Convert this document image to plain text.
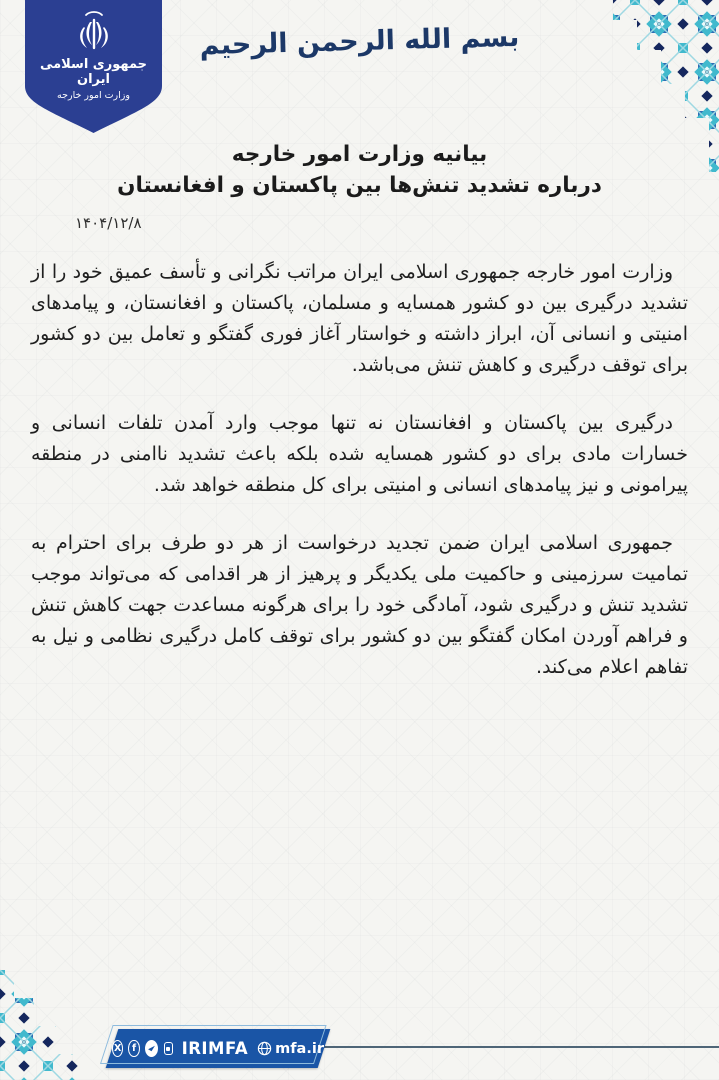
جمهوری اسلامی ایران
وزارت امور خارجه
بسم الله الرحمن الرحیم
بیانیه وزارت امور خارجه
درباره تشدید تنش‌ها بین پاکستان و افغانستان
۱۴۰۴/۱۲/۸

وزارت امور خارجه جمهوری اسلامی ایران مراتب نگرانی و تأسف عمیق خود را از تشدید درگیری بین دو کشور همسایه و مسلمان، پاکستان و افغانستان، و پیامدهای امنیتی و انسانی آن، ابراز داشته و خواستار آغاز فوری گفتگو و تعامل بین دو کشور برای توقف درگیری و کاهش تنش می‌باشد.

درگیری بین پاکستان و افغانستان نه تنها موجب وارد آمدن تلفات انسانی و خسارات مادی برای دو کشور همسایه شده بلکه باعث تشدید ناامنی در منطقه پیرامونی و نیز پیامدهای انسانی و امنیتی برای کل منطقه خواهد شد.

جمهوری اسلامی ایران ضمن تجدید درخواست از هر دو طرف برای احترام به تمامیت سرزمینی و حاکمیت ملی یکدیگر و پرهیز از هر اقدامی که می‌تواند موجب تشدید تنش و درگیری شود، آمادگی خود را برای هرگونه مساعدت جهت کاهش تنش و فراهم آوردن امکان گفتگو بین دو کشور برای توقف کامل درگیری نظامی و نیل به تفاهم اعلام می‌کند.

X	f	IRIMFA mfa.ir
